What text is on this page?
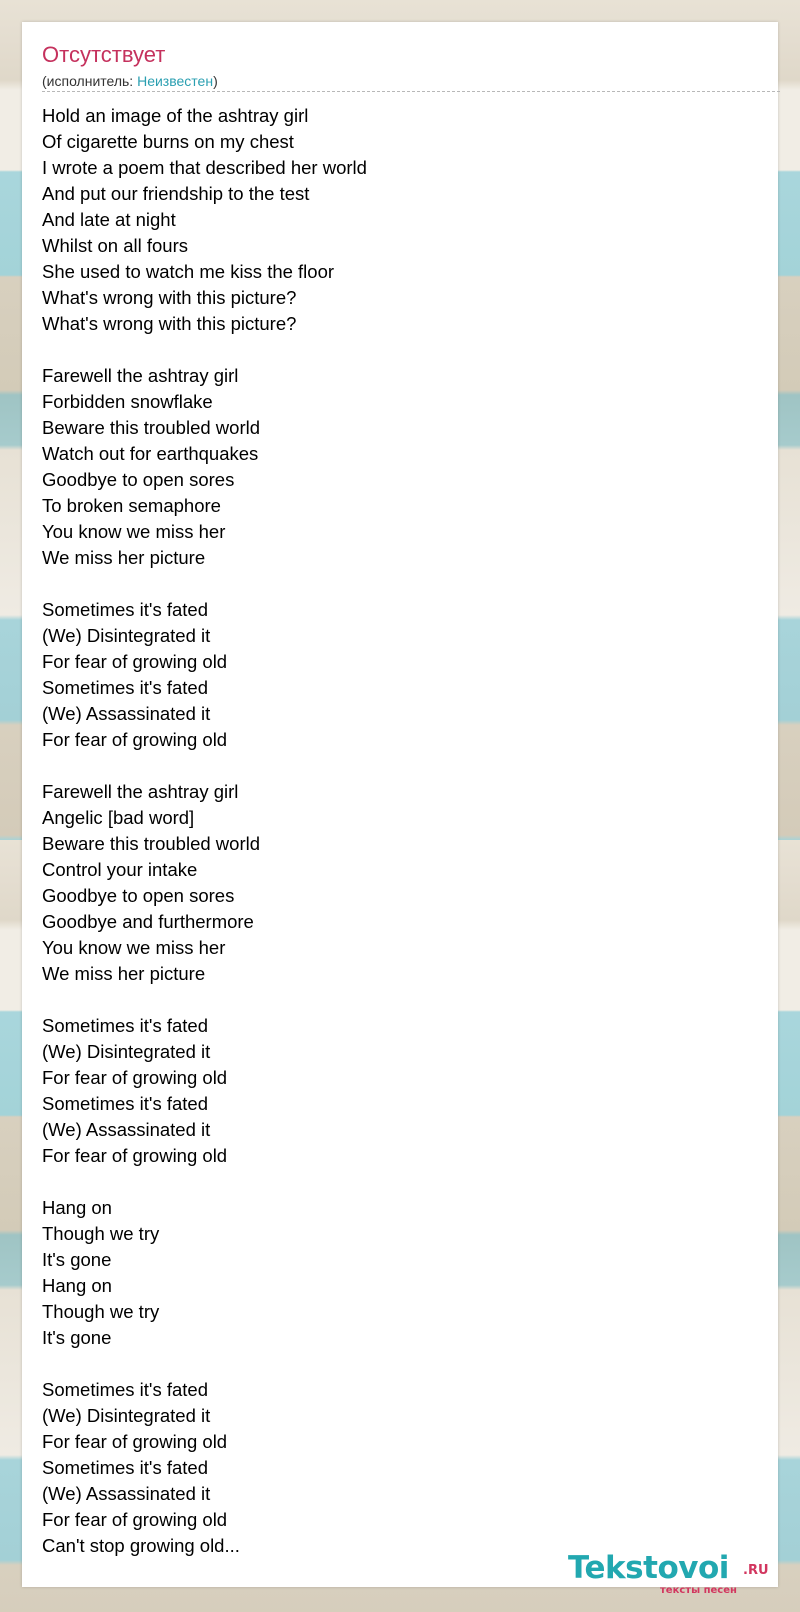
Отсутствует
(исполнитель: Неизвестен)
Hold an image of the ashtray girl
Of cigarette burns on my chest
I wrote a poem that described her world
And put our friendship to the test
And late at night
Whilst on all fours
She used to watch me kiss the floor
What's wrong with this picture?
What's wrong with this picture?
Farewell the ashtray girl
Forbidden snowflake
Beware this troubled world
Watch out for earthquakes
Goodbye to open sores
To broken semaphore
You know we miss her
We miss her picture
Sometimes it's fated
(We) Disintegrated it
For fear of growing old
Sometimes it's fated
(We) Assassinated it
For fear of growing old
Farewell the ashtray girl
Angelic [bad word]
Beware this troubled world
Control your intake
Goodbye to open sores
Goodbye and furthermore
You know we miss her
We miss her picture
Sometimes it's fated
(We) Disintegrated it
For fear of growing old
Sometimes it's fated
(We) Assassinated it
For fear of growing old
Hang on
Though we try
It's gone
Hang on
Though we try
It's gone
Sometimes it's fated
(We) Disintegrated it
For fear of growing old
Sometimes it's fated
(We) Assassinated it
For fear of growing old
Can't stop growing old...
Tekstovoi .RU
тексты песен
